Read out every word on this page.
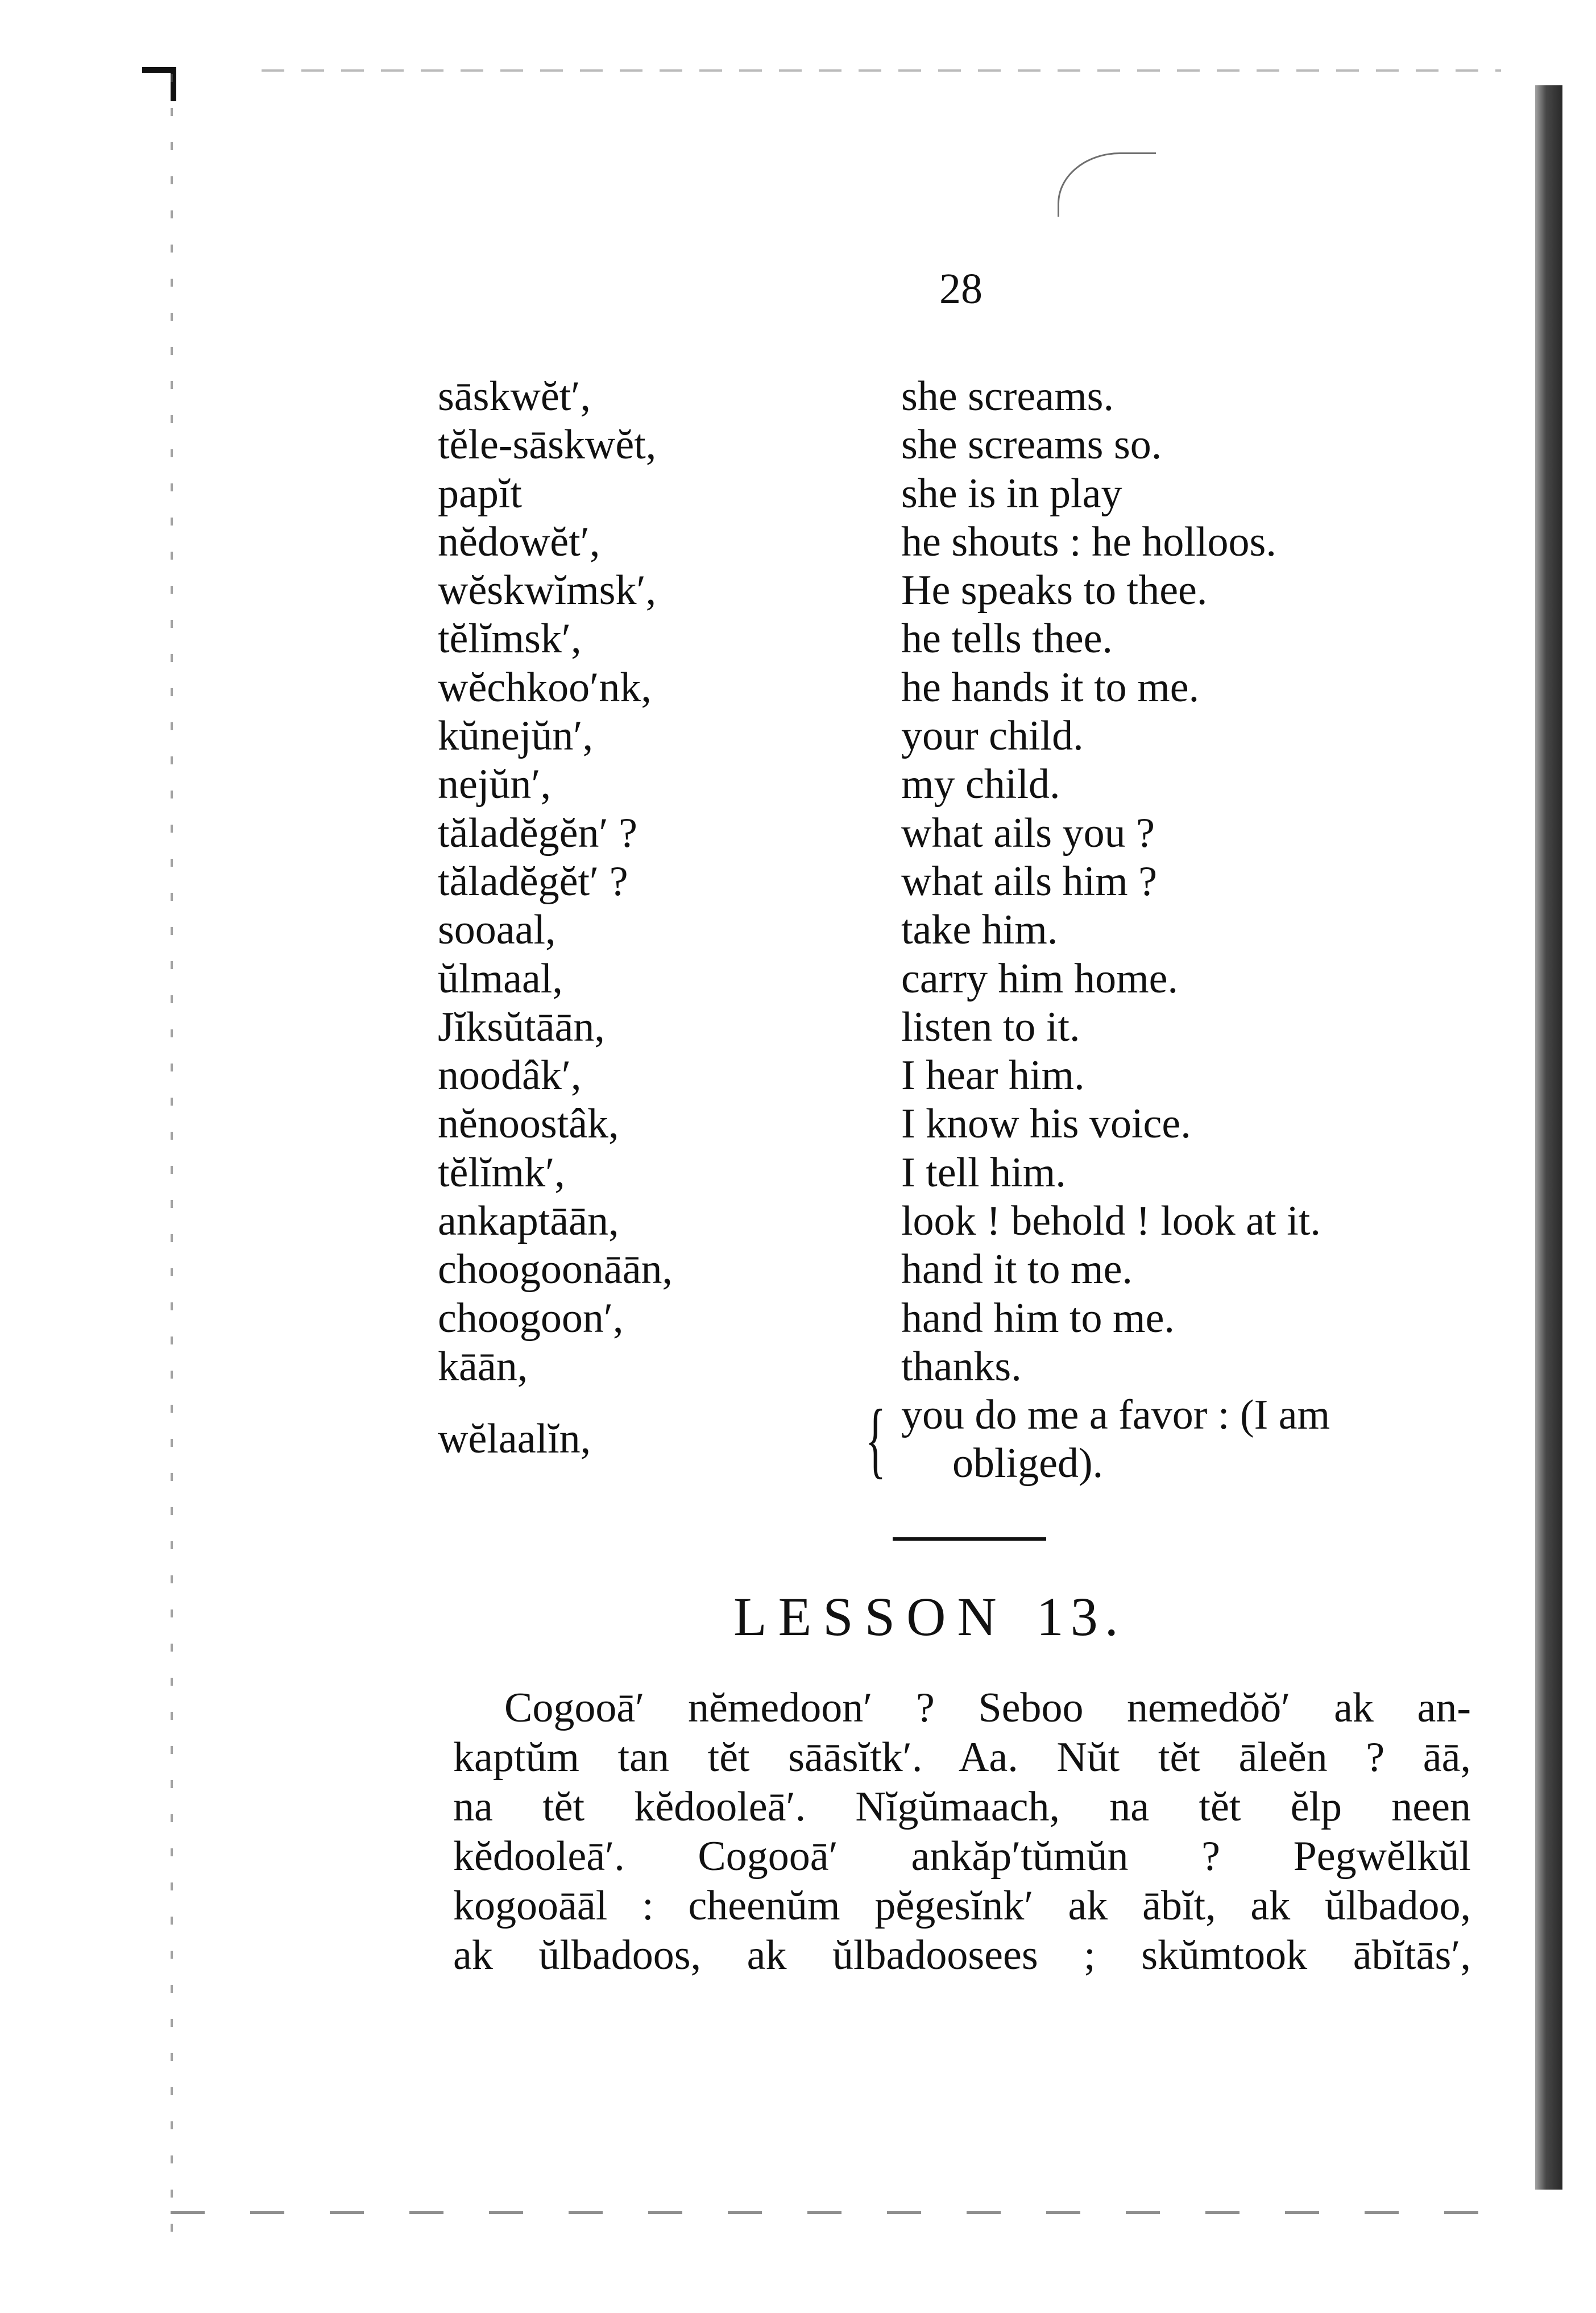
28
sāskwĕt′,	she screams.
tĕle-sāskwĕt,	she screams so.
papĭt	she is in play
nĕdowĕt′,	he shouts : he holloos.
wĕskwĭmsk′,	He speaks to thee.
tĕlĭmsk′,	he tells thee.
wĕchkoo′nk,	he hands it to me.
kŭnejŭn′,	your child.
nejŭn′,	my child.
tăladĕgĕn′ ?	what ails you ?
tăladĕgĕt′ ?	what ails him ?
sooaal,	take him.
ŭlmaal,	carry him home.
Jĭksŭtāān,	listen to it.
noodâk′,	I hear him.
nĕnoostâk,	I know his voice.
tĕlĭmk′,	I tell him.
ankaptāān,	look ! behold ! look at it.
choogoonāān,	hand it to me.
choogoon′,	hand him to me.
kāān,	thanks.
wĕlaalĭn,	{ you do me a favor : (I am
obliged).
LESSON 13.
Cogooā′ nĕmedoon′ ? Seboo nemedŏŏ′ ak an-
kaptŭm tan tĕt sāāsĭtk′. Aa. Nŭt tĕt āleĕn ? āā,
na tĕt kĕdooleā′. Nĭgŭmaach, na tĕt ĕlp neen
kĕdooleā′. Cogooā′ ankăp′tŭmŭn ? Pegwĕlkŭl
kogooāāl : cheenŭm pĕgesĭnk′ ak ābĭt, ak ŭlbadoo,
ak ŭlbadoos, ak ŭlbadoosees ; skŭmtook ābĭtās′,
